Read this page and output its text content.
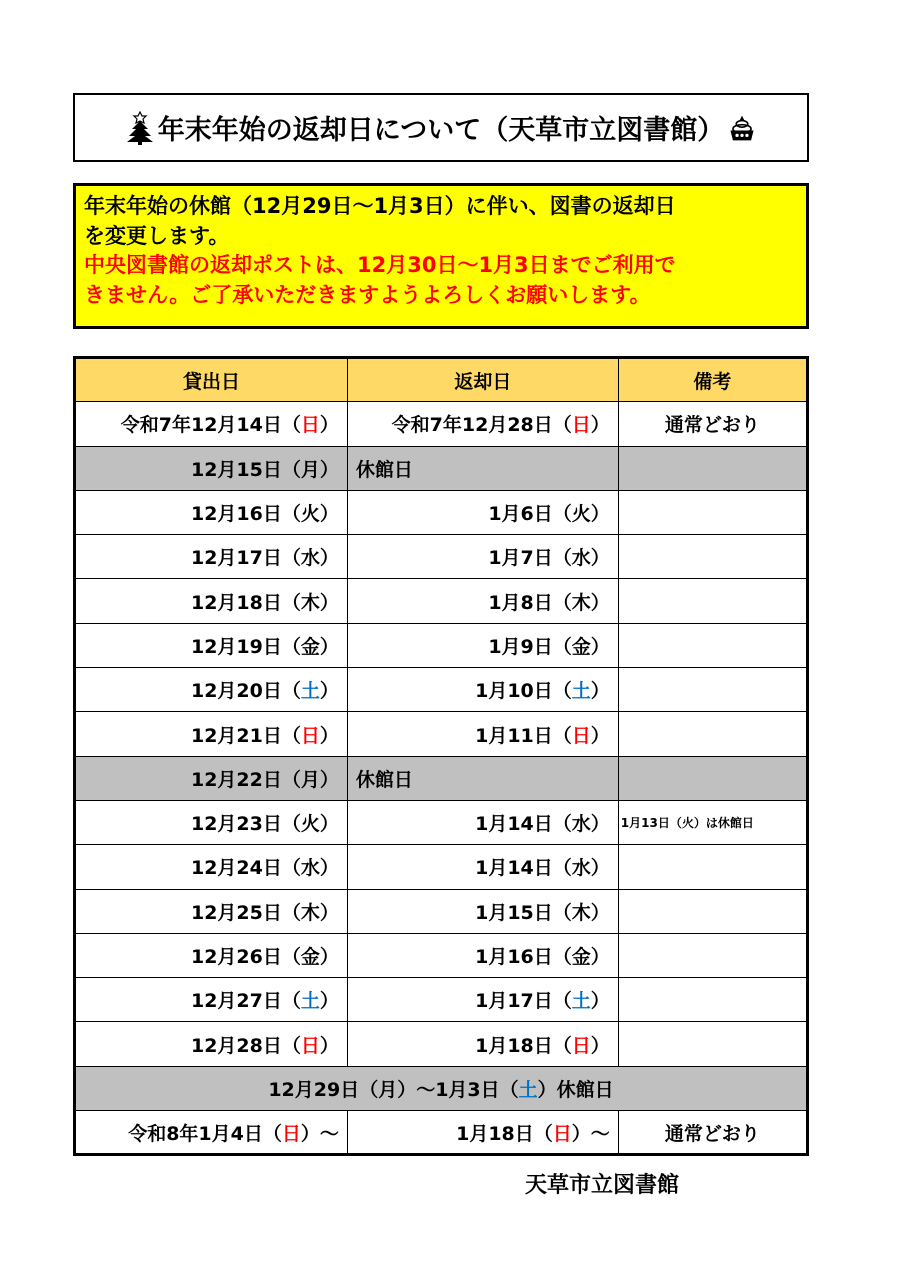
年末年始の返却日について（天草市立図書館）
年末年始の休館（12月29日～1月3日）に伴い、図書の返却日
を変更します。
中央図書館の返却ポストは、12月30日～1月3日までご利用で
きません。ご了承いただきますようよろしくお願いします。
貸出日	返却日	備考
令和7年12月14日（日）	令和7年12月28日（日）	通常どおり
12月15日（月）	休館日	
12月16日（火）	1月6日（火）	
12月17日（水）	1月7日（水）	
12月18日（木）	1月8日（木）	
12月19日（金）	1月9日（金）	
12月20日（土）	1月10日（土）	
12月21日（日）	1月11日（日）	
12月22日（月）	休館日	
12月23日（火）	1月14日（水）	1月13日（火）は休館日
12月24日（水）	1月14日（水）	
12月25日（木）	1月15日（木）	
12月26日（金）	1月16日（金）	
12月27日（土）	1月17日（土）	
12月28日（日）	1月18日（日）	
12月29日（月）～1月3日（土）休館日		
令和8年1月4日（日）～	1月18日（日）～	通常どおり
天草市立図書館
